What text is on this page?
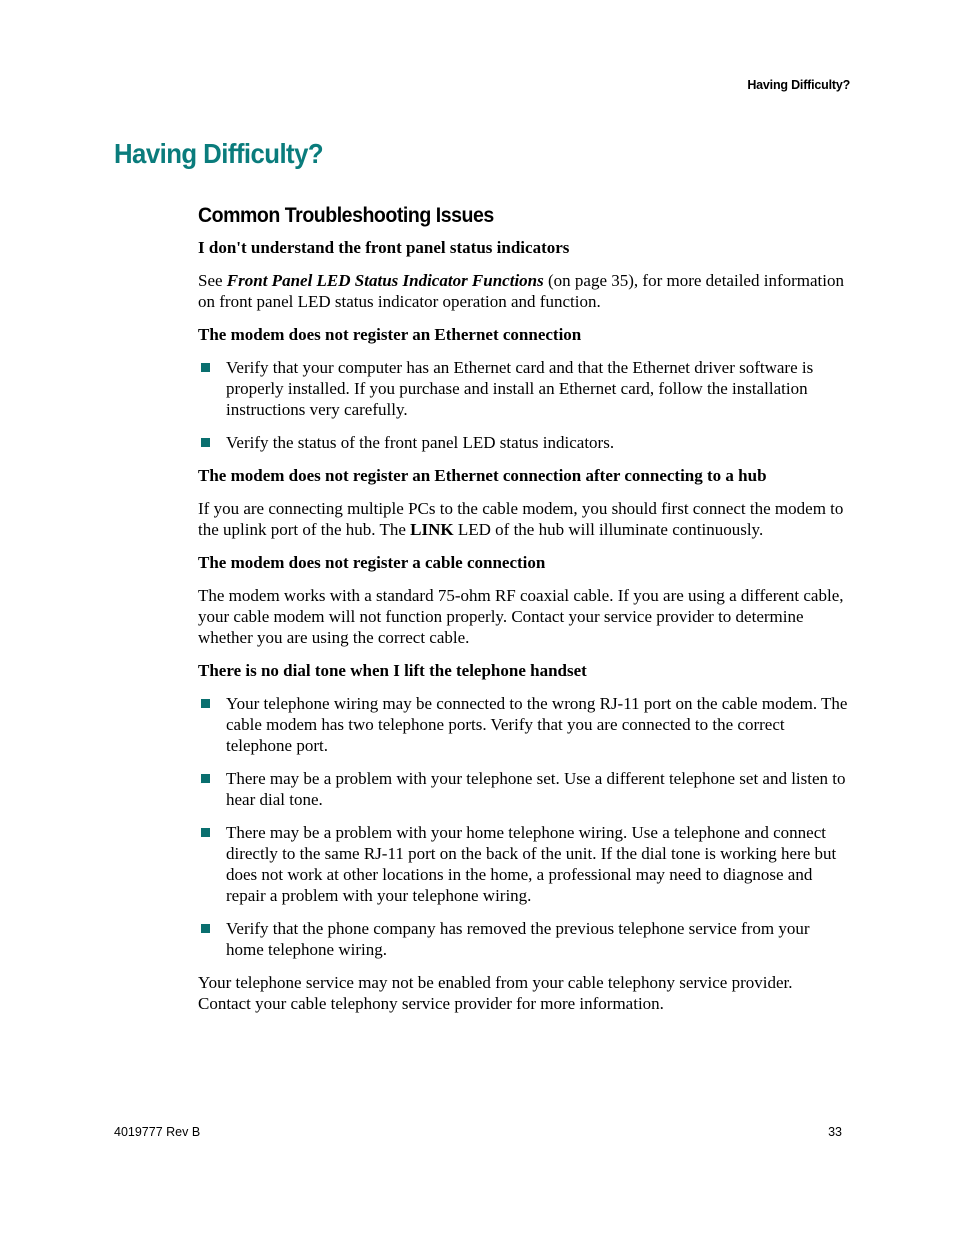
Having Difficulty?
Having Difficulty?
Common Troubleshooting Issues
I don't understand the front panel status indicators
See Front Panel LED Status Indicator Functions (on page 35), for more detailed information on front panel LED status indicator operation and function.
The modem does not register an Ethernet connection
Verify that your computer has an Ethernet card and that the Ethernet driver software is properly installed. If you purchase and install an Ethernet card, follow the installation instructions very carefully.
Verify the status of the front panel LED status indicators.
The modem does not register an Ethernet connection after connecting to a hub
If you are connecting multiple PCs to the cable modem, you should first connect the modem to the uplink port of the hub. The LINK LED of the hub will illuminate continuously.
The modem does not register a cable connection
The modem works with a standard 75-ohm RF coaxial cable. If you are using a different cable, your cable modem will not function properly. Contact your service provider to determine whether you are using the correct cable.
There is no dial tone when I lift the telephone handset
Your telephone wiring may be connected to the wrong RJ-11 port on the cable modem. The cable modem has two telephone ports. Verify that you are connected to the correct telephone port.
There may be a problem with your telephone set. Use a different telephone set and listen to hear dial tone.
There may be a problem with your home telephone wiring. Use a telephone and connect directly to the same RJ-11 port on the back of the unit. If the dial tone is working here but does not work at other locations in the home, a professional may need to diagnose and repair a problem with your telephone wiring.
Verify that the phone company has removed the previous telephone service from your home telephone wiring.
Your telephone service may not be enabled from your cable telephony service provider. Contact your cable telephony service provider for more information.
4019777 Rev B	33
